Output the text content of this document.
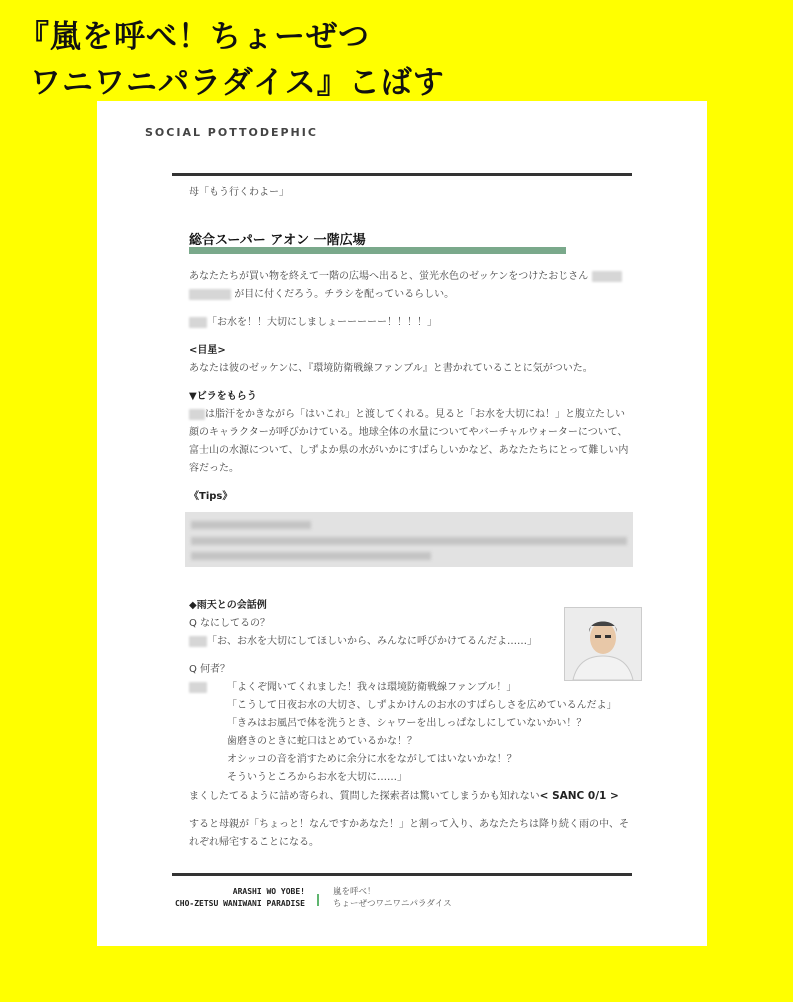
『嵐を呼べ！ちょーぜつ
ワニワニパラダイス』こばす
SOCIAL POTTODEPHIC

母「もう行くわよー」

総合スーパー アオン 一階広場

あなたたちが買い物を終えて一階の広場へ出ると、蛍光水色のゼッケンをつけたおじさん
が目に付くだろう。チラシを配っているらしい。

「お水を！！大切にしましょーーーーー！！！！」

<目星>

あなたは彼のゼッケンに、『環境防衛戦線ファンブル』と書かれていることに気がついた。

▼ビラをもらう

は脂汗をかきながら「はいこれ」と渡してくれる。見ると「お水を大切にね！」と腹立たしい
顔のキャラクターが呼びかけている。地球全体の水量についてやバーチャルウォーターについて、
富士山の水源について、しずよか県の水がいかにすばらしいかなど、あなたたちにとって難しい内
容だった。

《Tips》

◆雨天との会話例

Q なにしてるの？

「お、お水を大切にしてほしいから、みんなに呼びかけてるんだよ……」

Q 何者？

「よくぞ聞いてくれました！我々は環境防衛戦線ファンブル！」

「こうして日夜お水の大切さ、しずよかけんのお水のすばらしさを広めているんだよ」

「きみはお風呂で体を洗うとき、シャワーを出しっぱなしにしていないかい！？

歯磨きのときに蛇口はとめているかな！？

オシッコの音を消すために余分に水をながしてはいないかな！？

そういうところからお水を大切に……」

まくしたてるように詰め寄られ、質問した探索者は驚いてしまうかも知れない< SANC 0/1 >

すると母親が「ちょっと！なんですかあなた！」と割って入り、あなたたちは降り続く雨の中、そ

れぞれ帰宅することになる。

ARASHI WO YOBE!
CHO-ZETSU WANIWANI PARADISE
嵐を呼べ！
ちょーぜつワニワニパラダイス
